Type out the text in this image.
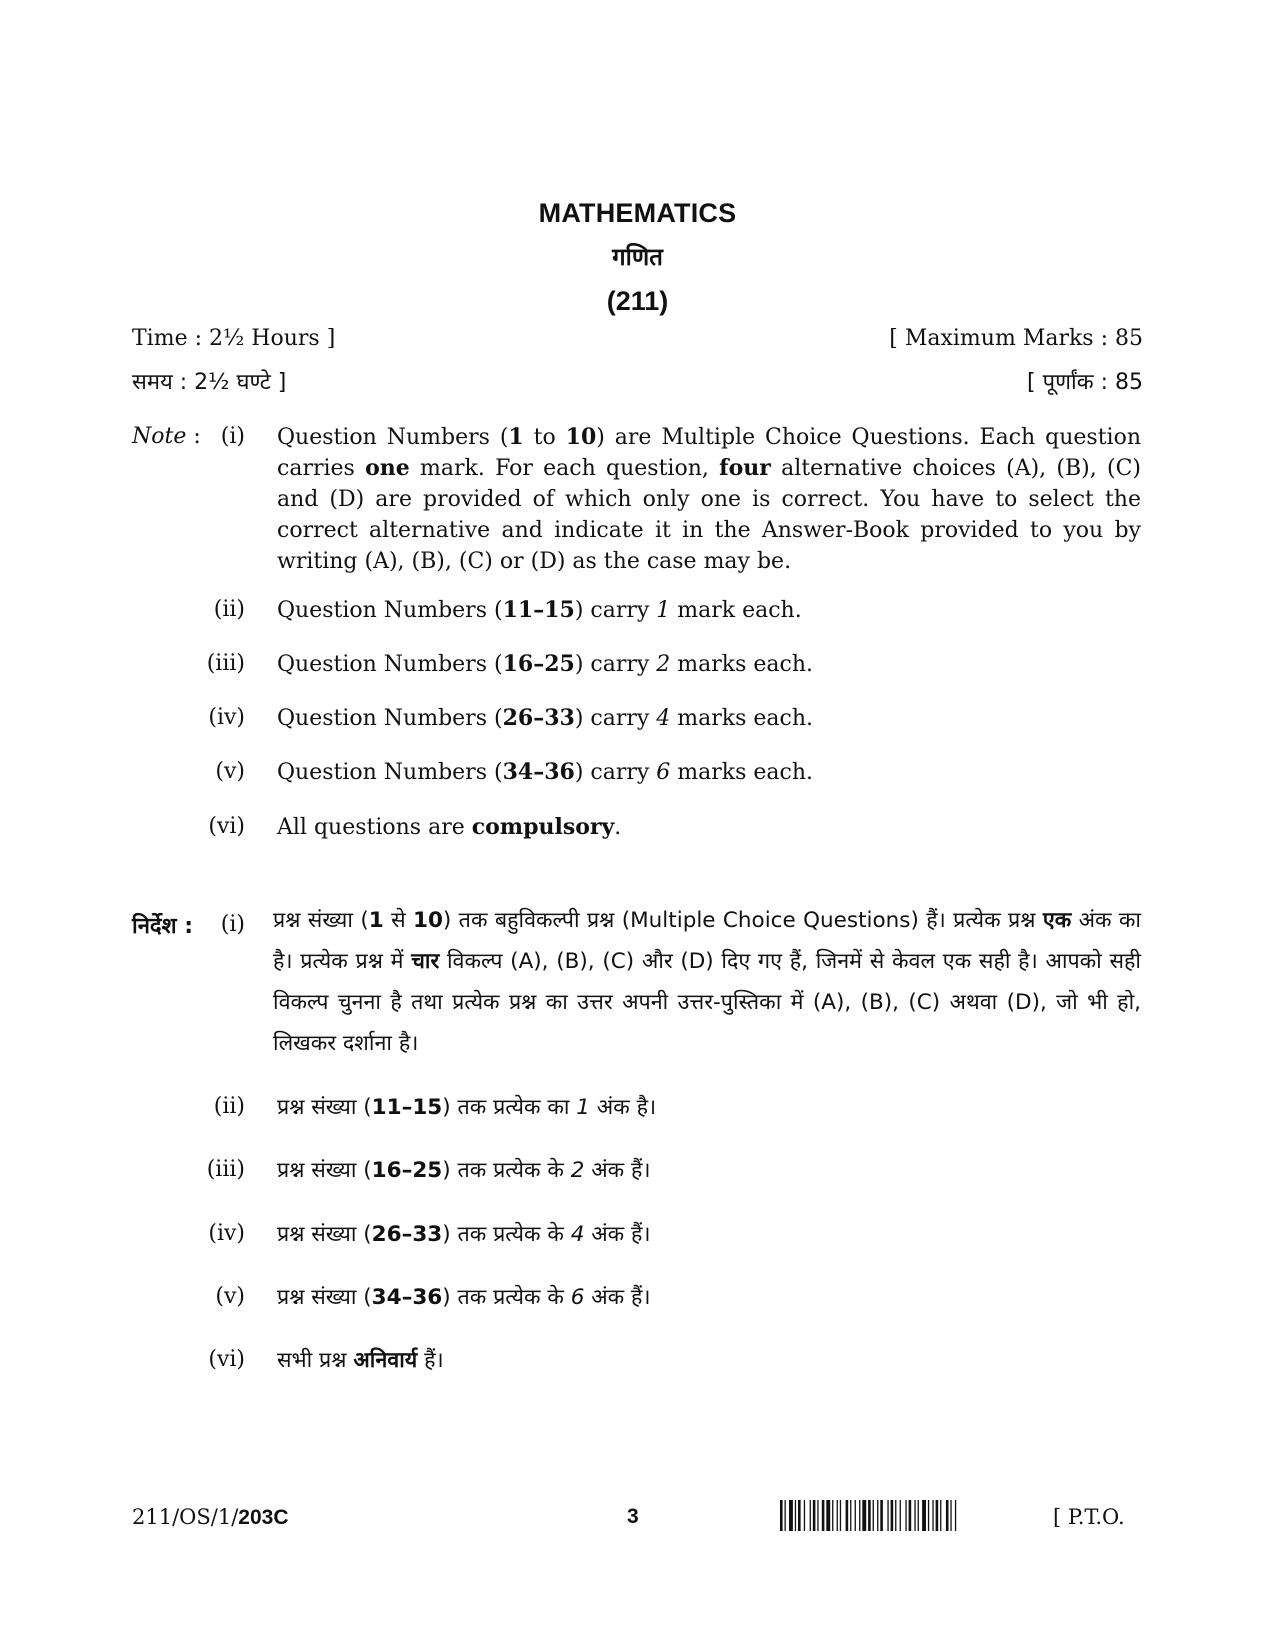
MATHEMATICS
गणित
(211)
Time : 2½ Hours ]
समय : 2½ घण्टे ]
[ Maximum Marks : 85
[ पूर्णांक : 85
Note : (i) Question Numbers (1 to 10) are Multiple Choice Questions. Each question carries one mark. For each question, four alternative choices (A), (B), (C) and (D) are provided of which only one is correct. You have to select the correct alternative and indicate it in the Answer-Book provided to you by writing (A), (B), (C) or (D) as the case may be.
(ii) Question Numbers (11–15) carry 1 mark each.
(iii) Question Numbers (16–25) carry 2 marks each.
(iv) Question Numbers (26–33) carry 4 marks each.
(v) Question Numbers (34–36) carry 6 marks each.
(vi) All questions are compulsory.
निर्देश :	(i) प्रश्न संख्या (1 से 10) तक बहुविकल्पी प्रश्न (Multiple Choice Questions) हैं। प्रत्येक प्रश्न एक अंक का है। प्रत्येक प्रश्न में चार विकल्प (A), (B), (C) और (D) दिए गए हैं, जिनमें से केवल एक सही है। आपको सही विकल्प चुनना है तथा प्रत्येक प्रश्न का उत्तर अपनी उत्तर-पुस्तिका में (A), (B), (C) अथवा (D), जो भी हो, लिखकर दर्शाना है।
(ii) प्रश्न संख्या (11–15) तक प्रत्येक का 1 अंक है।
(iii) प्रश्न संख्या (16–25) तक प्रत्येक के 2 अंक हैं।
(iv) प्रश्न संख्या (26–33) तक प्रत्येक के 4 अंक हैं।
(v) प्रश्न संख्या (34–36) तक प्रत्येक के 6 अंक हैं।
(vi) सभी प्रश्न अनिवार्य हैं।
211/OS/1/203C	3	[ P.T.O.
